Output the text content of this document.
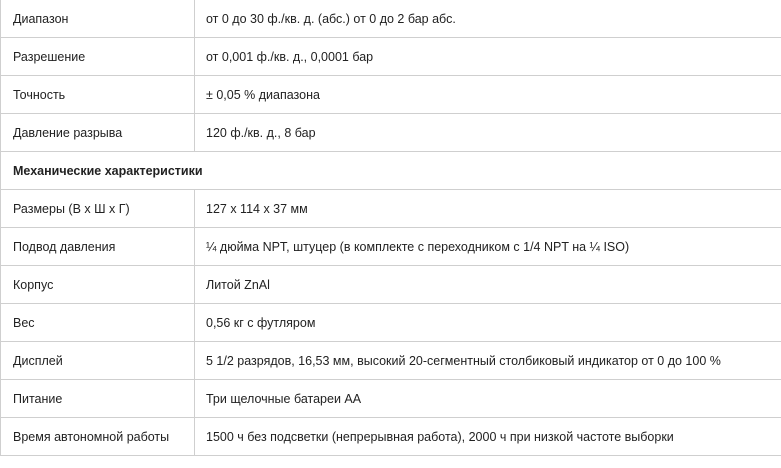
Диапазон	от 0 до 30 ф./кв. д. (абс.) от 0 до 2 бар абс.
Разрешение	от 0,001 ф./кв. д., 0,0001 бар
Точность	± 0,05 % диапазона
Давление разрыва	120 ф./кв. д., 8 бар
Механические характеристики	
Размеры (В x Ш x Г)	127 x 114 x 37 мм
Подвод давления	¼ дюйма NPT, штуцер (в комплекте с переходником с 1/4 NPT на ¼ ISO)
Корпус	Литой ZnAl
Вес	0,56 кг с футляром
Дисплей	5 1/2 разрядов, 16,53 мм, высокий 20-сегментный столбиковый индикатор от 0 до 100 %
Питание	Три щелочные батареи AA
Время автономной работы	1500 ч без подсветки (непрерывная работа), 2000 ч при низкой частоте выборки
